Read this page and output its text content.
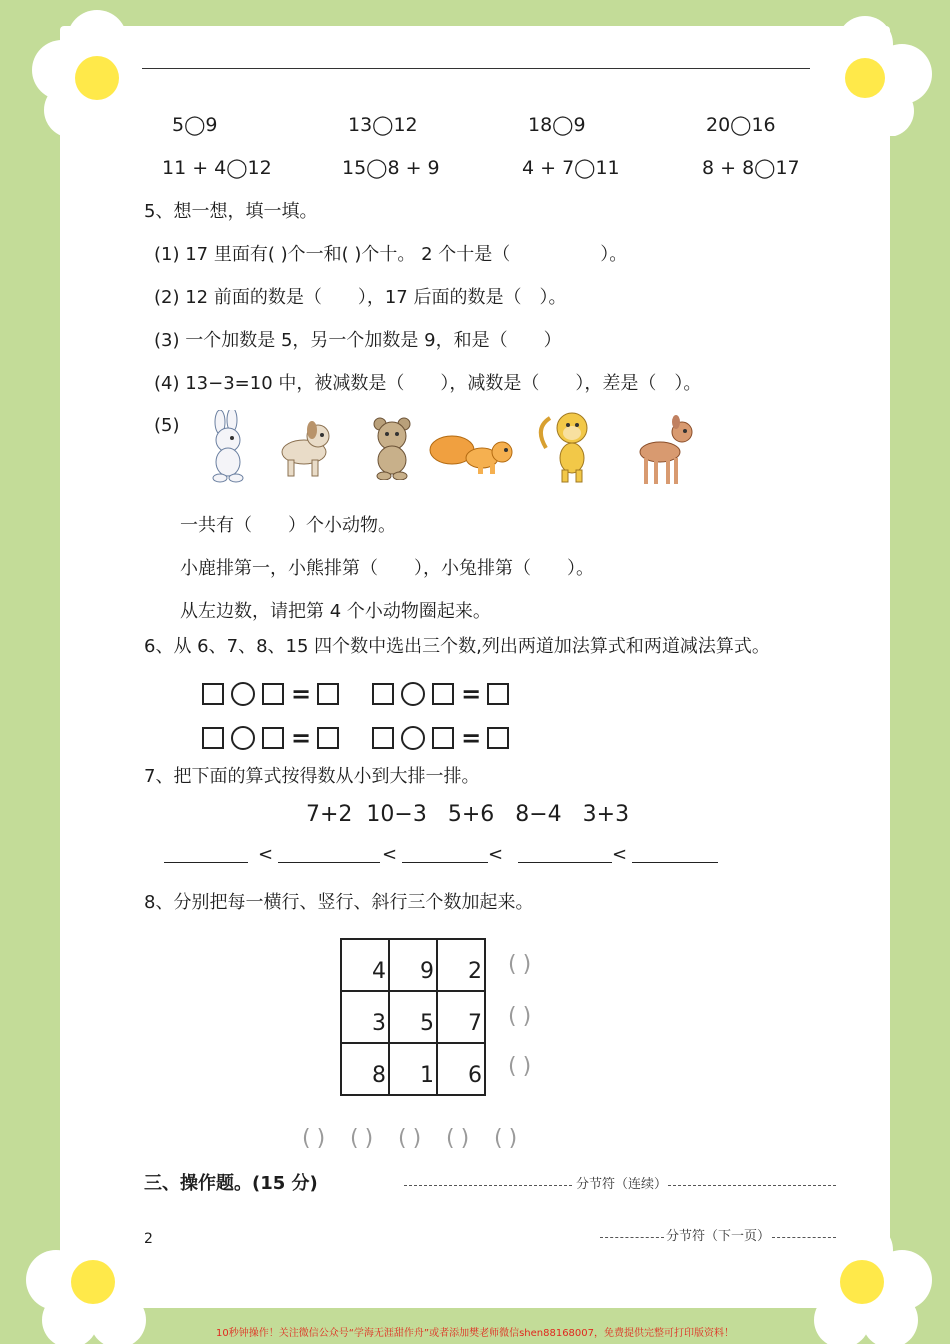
5◯9	13◯12	18◯9	20◯16
11 + 4◯12	15◯8 + 9	4 + 7◯11	8 + 8◯17
5、想一想，填一填。
(1) 17 里面有( )个一和( )个十。 2 个十是（　　　　　）。
(2) 12 前面的数是（　　），17 后面的数是（　）。
(3) 一个加数是 5，另一个加数是 9，和是（　　）
(4) 13−3=10 中，被减数是（　　），减数是（　　），差是（　）。
(5)
一共有（　　）个小动物。
小鹿排第一，小熊排第（　　），小兔排第（　　）。
从左边数，请把第 4 个小动物圈起来。
6、从 6、7、8、15 四个数中选出三个数,列出两道加法算式和两道减法算式。
=	=
=	=
7、把下面的算式按得数从小到大排一排。
7+2  10−3   5+6   8−4   3+3
<	<	<	<
8、分别把每一横行、竖行、斜行三个数加起来。
4	9	2
3	5	7
8	1	6
()
()
()
() () () () ()
三、操作题。(15 分)	分节符（连续）
2	分节符（下一页）
10秒钟操作！关注微信公众号“学海无涯甜作舟”或者添加樊老师微信shen88168007，免费提供完整可打印版资料！
